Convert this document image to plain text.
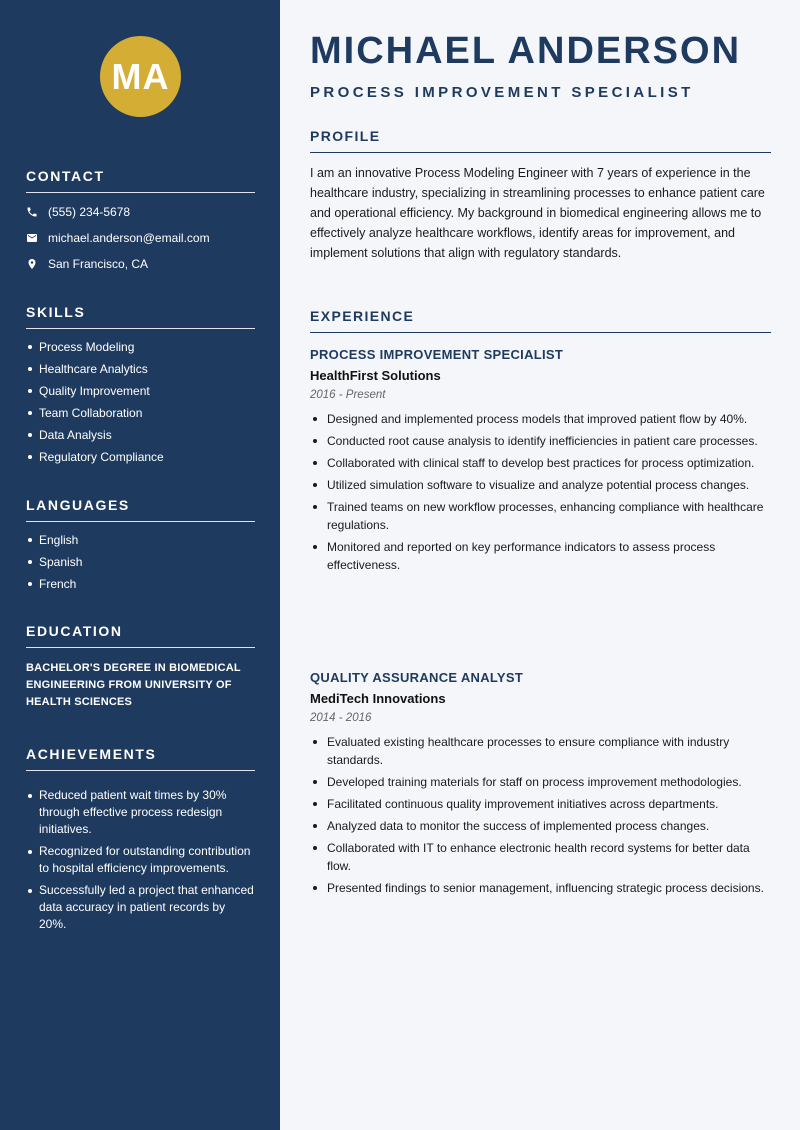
MA
CONTACT
(555) 234-5678
michael.anderson@email.com
San Francisco, CA
SKILLS
Process Modeling
Healthcare Analytics
Quality Improvement
Team Collaboration
Data Analysis
Regulatory Compliance
LANGUAGES
English
Spanish
French
EDUCATION

BACHELOR'S DEGREE IN BIOMEDICAL ENGINEERING FROM UNIVERSITY OF HEALTH SCIENCES

ACHIEVEMENTS
Reduced patient wait times by 30% through effective process redesign initiatives.
Recognized for outstanding contribution to hospital efficiency improvements.
Successfully led a project that enhanced data accuracy in patient records by 20%.
MICHAEL ANDERSON
PROCESS IMPROVEMENT SPECIALIST
PROFILE

I am an innovative Process Modeling Engineer with 7 years of experience in the healthcare industry, specializing in streamlining processes to enhance patient care and operational efficiency. My background in biomedical engineering allows me to effectively analyze healthcare workflows, identify areas for improvement, and implement solutions that align with regulatory standards.

EXPERIENCE
PROCESS IMPROVEMENT SPECIALIST
HealthFirst Solutions
2016 - Present
Designed and implemented process models that improved patient flow by 40%.
Conducted root cause analysis to identify inefficiencies in patient care processes.
Collaborated with clinical staff to develop best practices for process optimization.
Utilized simulation software to visualize and analyze potential process changes.
Trained teams on new workflow processes, enhancing compliance with healthcare regulations.
Monitored and reported on key performance indicators to assess process effectiveness.
QUALITY ASSURANCE ANALYST
MediTech Innovations
2014 - 2016
Evaluated existing healthcare processes to ensure compliance with industry standards.
Developed training materials for staff on process improvement methodologies.
Facilitated continuous quality improvement initiatives across departments.
Analyzed data to monitor the success of implemented process changes.
Collaborated with IT to enhance electronic health record systems for better data flow.
Presented findings to senior management, influencing strategic process decisions.
